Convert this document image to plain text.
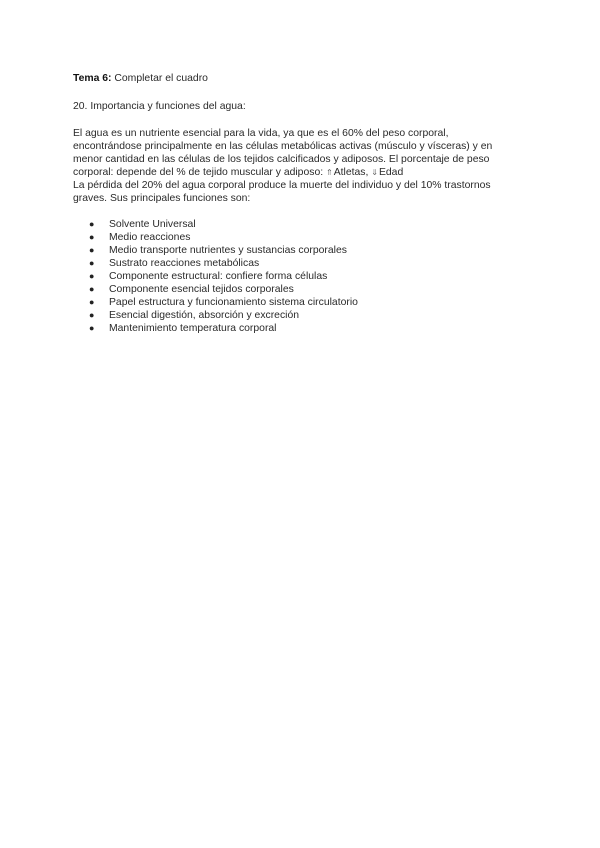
Tema 6: Completar el cuadro

20. Importancia y funciones del agua:

El agua es un nutriente esencial para la vida, ya que es el 60% del peso corporal,
encontrándose principalmente en las células metabólicas activas (músculo y vísceras) y en
menor cantidad en las células de los tejidos calcificados y adiposos. El porcentaje de peso
corporal: depende del % de tejido muscular y adiposo: ⇑Atletas, ⇓Edad
La pérdida del 20% del agua corporal produce la muerte del individuo y del 10% trastornos
graves. Sus principales funciones son:

● Solvente Universal
● Medio reacciones
● Medio transporte nutrientes y sustancias corporales
● Sustrato reacciones metabólicas
● Componente estructural: confiere forma células
● Componente esencial tejidos corporales
● Papel estructura y funcionamiento sistema circulatorio
● Esencial digestión, absorción y excreción
● Mantenimiento temperatura corporal
